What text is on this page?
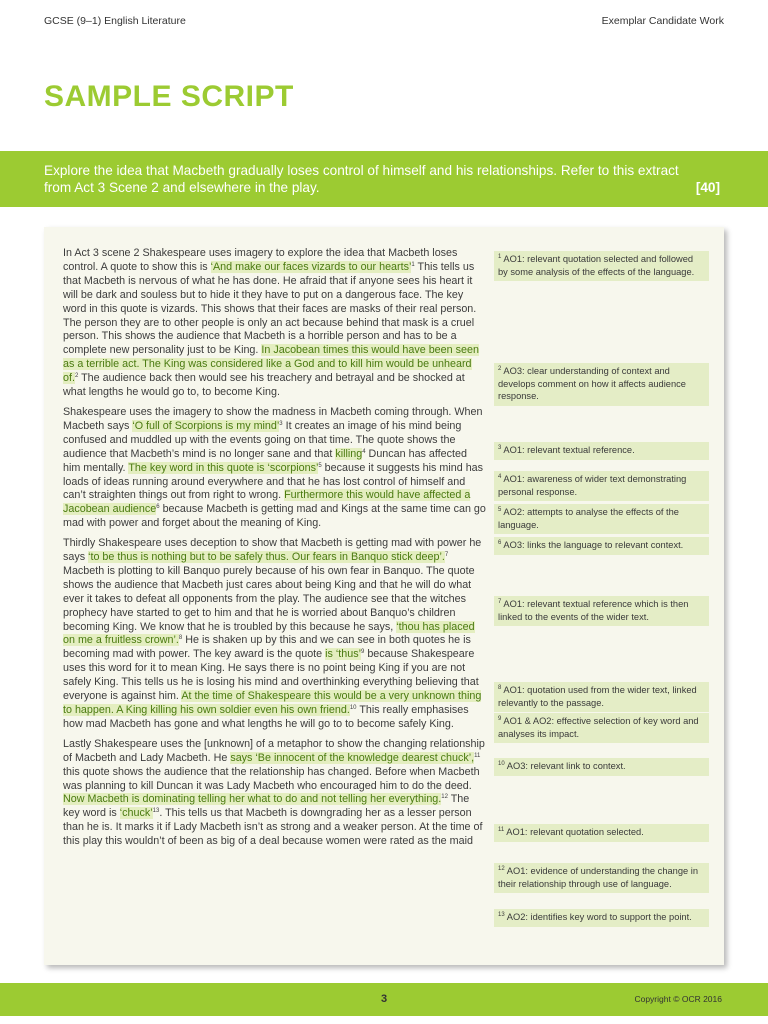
GCSE (9–1) English Literature	Exemplar Candidate Work
SAMPLE SCRIPT
Explore the idea that Macbeth gradually loses control of himself and his relationships. Refer to this extract from Act 3 Scene 2 and elsewhere in the play.	[40]

In Act 3 scene 2 Shakespeare uses imagery to explore the idea that Macbeth loses control. A quote to show this is ‘And make our faces vizards to our hearts’$^1$ This tells us that Macbeth is nervous of what he has done. He afraid that if anyone sees his heart it will be dark and souless but to hide it they have to put on a dangerous face. The key word in this quote is vizards. This shows that their faces are masks of their real person. The person they are to other people is only an act because behind that mask is a cruel person. This shows the audience that Macbeth is a horrible person and has to be a complete new personality just to be King. In Jacobean times this would have been seen as a terrible act. The King was considered like a God and to kill him would be unheard of.$^2$ The audience back then would see his treachery and betrayal and be shocked at what lengths he would go to, to become King.

Shakespeare uses the imagery to show the madness in Macbeth coming through. When Macbeth says ‘O full of Scorpions is my mind’$^3$ It creates an image of his mind being confused and muddled up with the events going on that time. The quote shows the audience that Macbeth’s mind is no longer sane and that killing$^4$ Duncan has affected him mentally. The key word in this quote is ‘scorpions’$^5$ because it suggests his mind has loads of ideas running around everywhere and that he has lost control of himself and can’t straighten things out from right to wrong. Furthermore this would have affected a Jacobean audience$^6$ because Macbeth is getting mad and Kings at the same time can go mad with power and forget about the meaning of King.

Thirdly Shakespeare uses deception to show that Macbeth is getting mad with power he says ‘to be thus is nothing but to be safely thus. Our fears in Banquo stick deep’.$^7$ Macbeth is plotting to kill Banquo purely because of his own fear in Banquo. The quote shows the audience that Macbeth just cares about being King and that he will do what ever it takes to defeat all opponents from the play. The audience see that the witches prophecy have started to get to him and that he is worried about Banquo’s children becoming King. We know that he is troubled by this because he says, ‘thou has placed on me a fruitless crown’.$^8$ He is shaken up by this and we can see in both quotes he is becoming mad with power. The key award is the quote is ‘thus’$^9$ because Shakespeare uses this word for it to mean King. He says there is no point being King if you are not safely King. This tells us he is losing his mind and overthinking everything believing that everyone is against him. At the time of Shakespeare this would be a very unknown thing to happen. A King killing his own soldier even his own friend.$^{10}$ This really emphasises how mad Macbeth has gone and what lengths he will go to to become safely King.

Lastly Shakespeare uses the [unknown] of a metaphor to show the changing relationship of Macbeth and Lady Macbeth. He says ‘Be innocent of the knowledge dearest chuck’,$^{11}$ this quote shows the audience that the relationship has changed. Before when Macbeth was planning to kill Duncan it was Lady Macbeth who encouraged him to do the deed. Now Macbeth is dominating telling her what to do and not telling her everything.$^{12}$ The key word is ‘chuck’$^{13}$. This tells us that Macbeth is downgrading her as a lesser person than he is. It marks it if Lady Macbeth isn’t as strong and a weaker person. At the time of this play this wouldn’t of been as big of a deal because women were rated as the maid

$^1$ AO1: relevant quotation selected and followed by some analysis of the effects of the language.
$^2$ AO3: clear understanding of context and develops comment on how it affects audience response.
$^3$ AO1: relevant textual reference.
$^4$ AO1: awareness of wider text demonstrating personal response.
$^5$ AO2: attempts to analyse the effects of the language.
$^6$ AO3: links the language to relevant context.
$^7$ AO1: relevant textual reference which is then linked to the events of the wider text.
$^8$ AO1: quotation used from the wider text, linked relevantly to the passage.
$^9$ AO1 & AO2: effective selection of key word and analyses its impact.
$^{10}$ AO3: relevant link to context.
$^{11}$ AO1: relevant quotation selected.
$^{12}$ AO1: evidence of understanding the change in their relationship through use of language.
$^{13}$ AO2: identifies key word to support the point.
3	Copyright © OCR 2016
